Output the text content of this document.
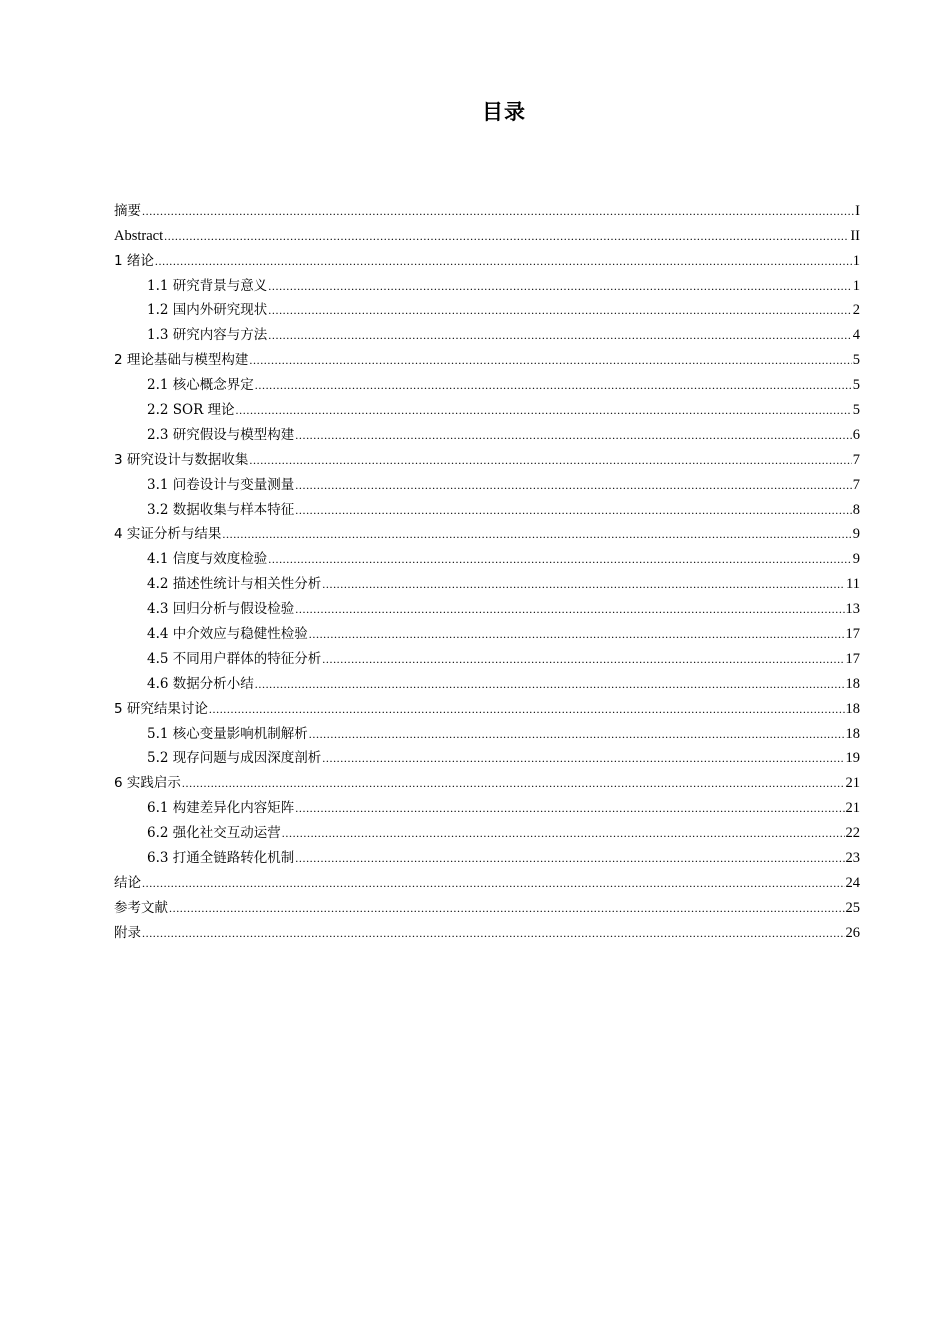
目录
摘要 .....	I
Abstract .....	II
1 绪论 .....	1
1.1 研究背景与意义 .....	1
1.2 国内外研究现状 .....	2
1.3 研究内容与方法 .....	4
2 理论基础与模型构建 .....	5
2.1 核心概念界定 .....	5
2.2 SOR 理论 .....	5
2.3 研究假设与模型构建 .....	6
3 研究设计与数据收集 .....	7
3.1 问卷设计与变量测量 .....	7
3.2 数据收集与样本特征 .....	8
4 实证分析与结果 .....	9
4.1 信度与效度检验 .....	9
4.2 描述性统计与相关性分析 .....	11
4.3 回归分析与假设检验 .....	13
4.4 中介效应与稳健性检验 .....	17
4.5 不同用户群体的特征分析 .....	17
4.6 数据分析小结 .....	18
5 研究结果讨论 .....	18
5.1 核心变量影响机制解析 .....	18
5.2 现存问题与成因深度剖析 .....	19
6 实践启示 .....	21
6.1 构建差异化内容矩阵 .....	21
6.2 强化社交互动运营 .....	22
6.3 打通全链路转化机制 .....	23
结论 .....	24
参考文献 .....	25
附录 .....	26
